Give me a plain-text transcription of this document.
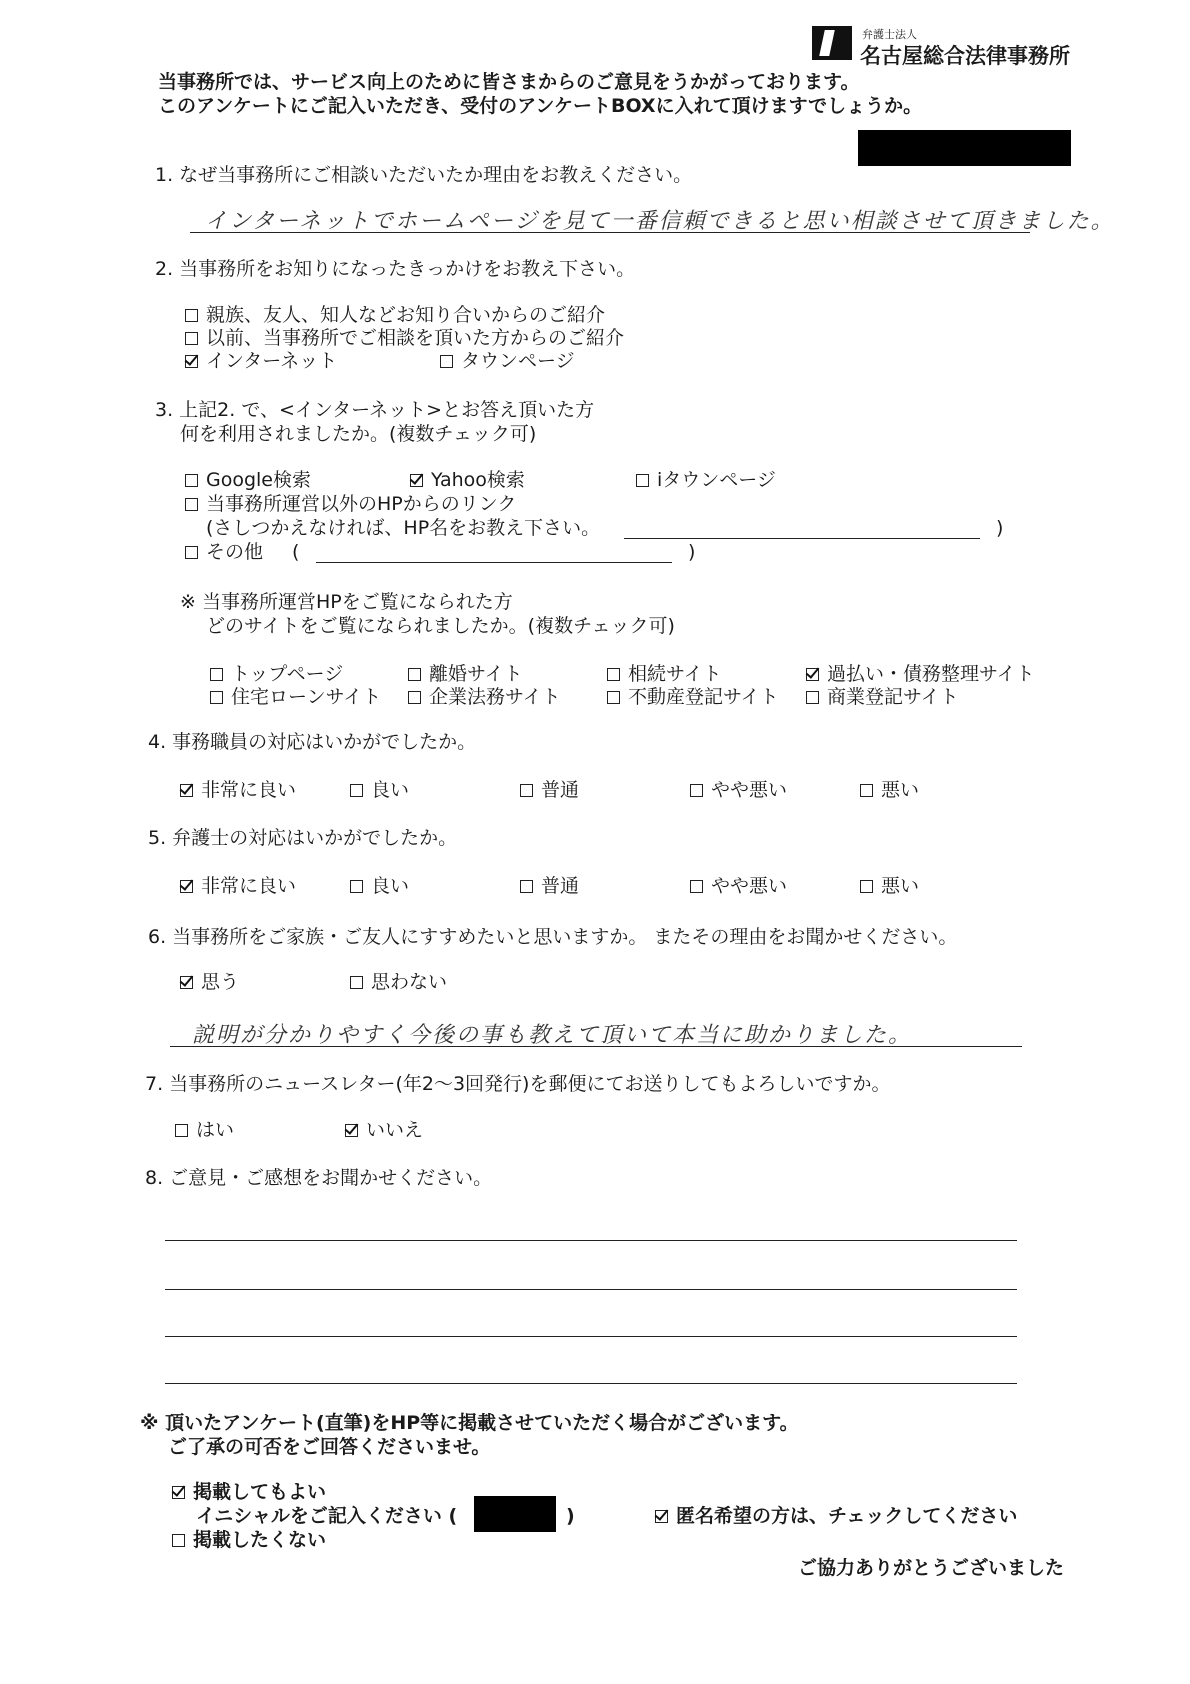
弁護士法人
名古屋総合法律事務所
当事務所では、サービス向上のために皆さまからのご意見をうかがっております。
このアンケートにご記入いただき、受付のアンケートBOXに入れて頂けますでしょうか。
1. なぜ当事務所にご相談いただいたか理由をお教えください。
インターネットでホームページを見て一番信頼できると思い相談させて頂きました。
2. 当事務所をお知りになったきっかけをお教え下さい。
親族、友人、知人などお知り合いからのご紹介
以前、当事務所でご相談を頂いた方からのご紹介
インターネット	タウンページ
3. 上記2. で、<インターネット>とお答え頂いた方
何を利用されましたか。(複数チェック可)
Google検索	Yahoo検索	iタウンページ
当事務所運営以外のHPからのリンク
(さしつかえなければ、HP名をお教え下さい。	)
その他 (	)
※ 当事務所運営HPをご覧になられた方
どのサイトをご覧になられましたか。(複数チェック可)
トップページ	離婚サイト	相続サイト	過払い・債務整理サイト
住宅ローンサイト	企業法務サイト	不動産登記サイト	商業登記サイト
4. 事務職員の対応はいかがでしたか。
非常に良い	良い	普通	やや悪い	悪い
5. 弁護士の対応はいかがでしたか。
非常に良い	良い	普通	やや悪い	悪い
6. 当事務所をご家族・ご友人にすすめたいと思いますか。 またその理由をお聞かせください。
思う	思わない
説明が分かりやすく今後の事も教えて頂いて本当に助かりました。
7. 当事務所のニュースレター(年2～3回発行)を郵便にてお送りしてもよろしいですか。
はい	いいえ
8. ご意見・ご感想をお聞かせください。
※ 頂いたアンケート(直筆)をHP等に掲載させていただく場合がございます。
ご了承の可否をご回答くださいませ。
掲載してもよい
イニシャルをご記入ください (	)	匿名希望の方は、チェックしてください
掲載したくない
ご協力ありがとうございました
